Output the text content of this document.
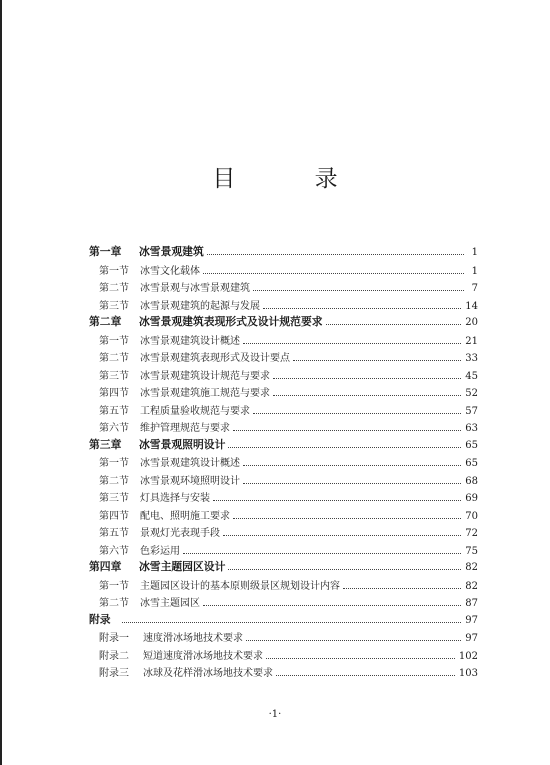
目 录
第一章	冰雪景观建筑	1
第一节	冰雪文化载体	1
第二节	冰雪景观与冰雪景观建筑	7
第三节	冰雪景观建筑的起源与发展	14
第二章	冰雪景观建筑表现形式及设计规范要求	20
第一节	冰雪景观建筑设计概述	21
第二节	冰雪景观建筑表现形式及设计要点	33
第三节	冰雪景观建筑设计规范与要求	45
第四节	冰雪景观建筑施工规范与要求	52
第五节	工程质量验收规范与要求	57
第六节	维护管理规范与要求	63
第三章	冰雪景观照明设计	65
第一节	冰雪景观建筑设计概述	65
第二节	冰雪景观环境照明设计	68
第三节	灯具选择与安装	69
第四节	配电、照明施工要求	70
第五节	景观灯光表现手段	72
第六节	色彩运用	75
第四章	冰雪主题园区设计	82
第一节	主题园区设计的基本原则级景区规划设计内容	82
第二节	冰雪主题园区	87
附录	97
附录一	速度滑冰场地技术要求	97
附录二	短道速度滑冰场地技术要求	102
附录三	冰球及花样滑冰场地技术要求	103
·1·
